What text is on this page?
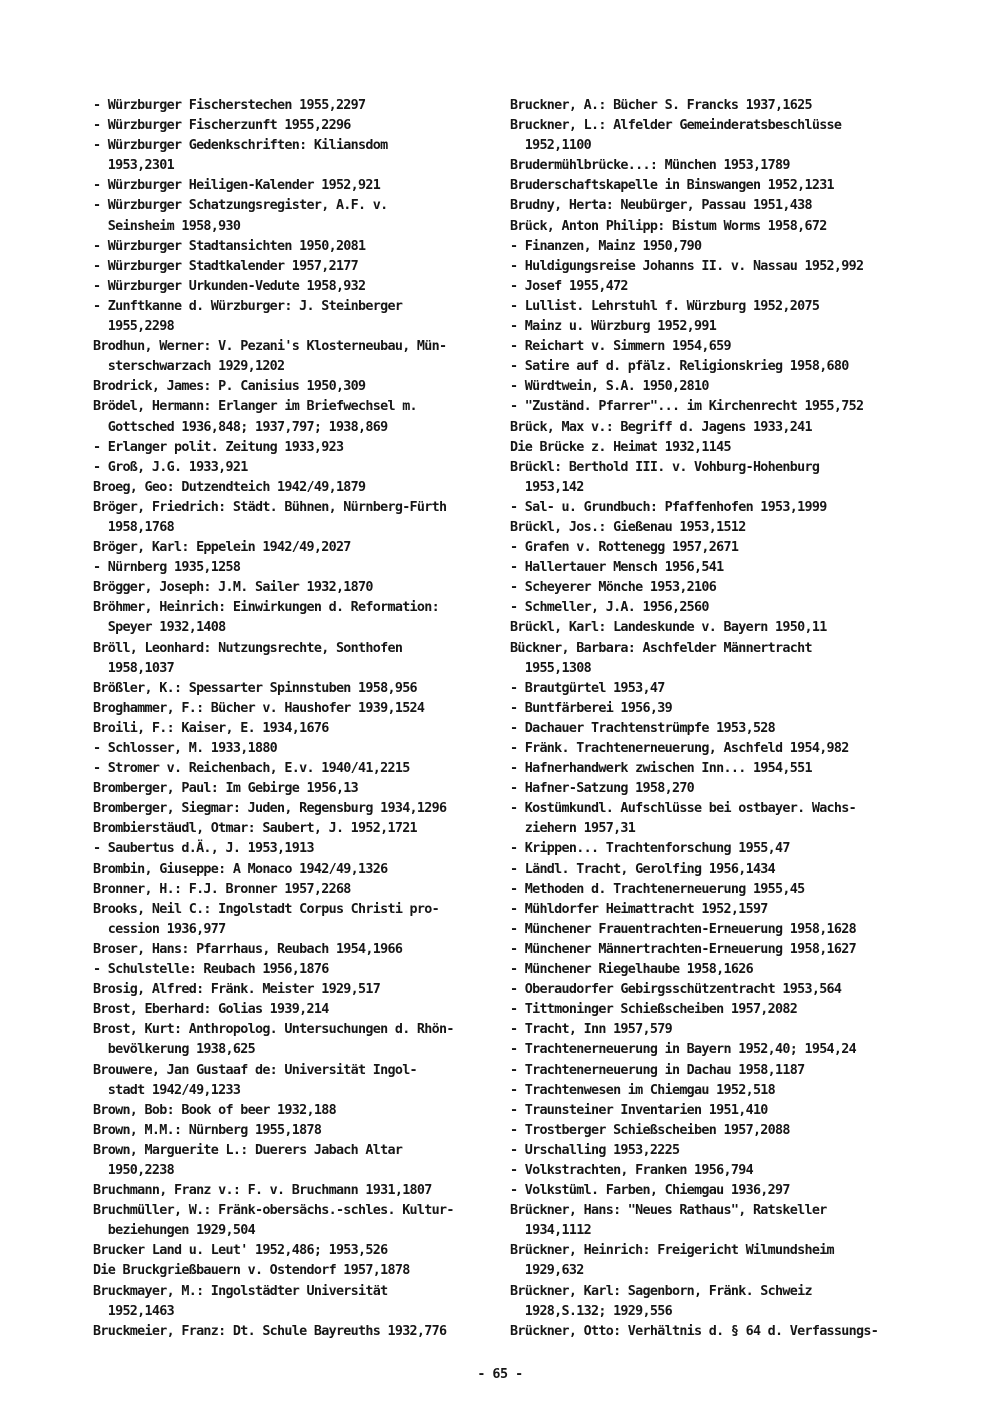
- Würzburger Fischerstechen 1955,2297
- Würzburger Fischerzunft 1955,2296
- Würzburger Gedenkschriften: Kiliansdom
1953,2301
- Würzburger Heiligen-Kalender 1952,921
- Würzburger Schatzungsregister, A.F. v.
Seinsheim 1958,930
- Würzburger Stadtansichten 1950,2081
- Würzburger Stadtkalender 1957,2177
- Würzburger Urkunden-Vedute 1958,932
- Zunftkanne d. Würzburger: J. Steinberger
1955,2298
Brodhun, Werner: V. Pezani's Klosterneubau, Mün-
sterschwarzach 1929,1202
Brodrick, James: P. Canisius 1950,309
Brödel, Hermann: Erlanger im Briefwechsel m.
Gottsched 1936,848; 1937,797; 1938,869
- Erlanger polit. Zeitung 1933,923
- Groß, J.G. 1933,921
Broeg, Geo: Dutzendteich 1942/49,1879
Bröger, Friedrich: Städt. Bühnen, Nürnberg-Fürth
1958,1768
Bröger, Karl: Eppelein 1942/49,2027
- Nürnberg 1935,1258
Brögger, Joseph: J.M. Sailer 1932,1870
Bröhmer, Heinrich: Einwirkungen d. Reformation:
Speyer 1932,1408
Bröll, Leonhard: Nutzungsrechte, Sonthofen
1958,1037
Brößler, K.: Spessarter Spinnstuben 1958,956
Broghammer, F.: Bücher v. Haushofer 1939,1524
Broili, F.: Kaiser, E. 1934,1676
- Schlosser, M. 1933,1880
- Stromer v. Reichenbach, E.v. 1940/41,2215
Bromberger, Paul: Im Gebirge 1956,13
Bromberger, Siegmar: Juden, Regensburg 1934,1296
Brombierstäudl, Otmar: Saubert, J. 1952,1721
- Saubertus d.Ä., J. 1953,1913
Brombin, Giuseppe: A Monaco 1942/49,1326
Bronner, H.: F.J. Bronner 1957,2268
Brooks, Neil C.: Ingolstadt Corpus Christi pro-
cession 1936,977
Broser, Hans: Pfarrhaus, Reubach 1954,1966
- Schulstelle: Reubach 1956,1876
Brosig, Alfred: Fränk. Meister 1929,517
Brost, Eberhard: Golias 1939,214
Brost, Kurt: Anthropolog. Untersuchungen d. Rhön-
bevölkerung 1938,625
Brouwere, Jan Gustaaf de: Universität Ingol-
stadt 1942/49,1233
Brown, Bob: Book of beer 1932,188
Brown, M.M.: Nürnberg 1955,1878
Brown, Marguerite L.: Duerers Jabach Altar
1950,2238
Bruchmann, Franz v.: F. v. Bruchmann 1931,1807
Bruchmüller, W.: Fränk-obersächs.-schles. Kultur-
beziehungen 1929,504
Brucker Land u. Leut' 1952,486; 1953,526
Die Bruckgrießbauern v. Ostendorf 1957,1878
Bruckmayer, M.: Ingolstädter Universität
1952,1463
Bruckmeier, Franz: Dt. Schule Bayreuths 1932,776
Bruckner, A.: Bücher S. Francks 1937,1625
Bruckner, L.: Alfelder Gemeinderatsbeschlüsse
1952,1100
Brudermühlbrücke...: München 1953,1789
Bruderschaftskapelle in Binswangen 1952,1231
Brudny, Herta: Neubürger, Passau 1951,438
Brück, Anton Philipp: Bistum Worms 1958,672
- Finanzen, Mainz 1950,790
- Huldigungsreise Johanns II. v. Nassau 1952,992
- Josef 1955,472
- Lullist. Lehrstuhl f. Würzburg 1952,2075
- Mainz u. Würzburg 1952,991
- Reichart v. Simmern 1954,659
- Satire auf d. pfälz. Religionskrieg 1958,680
- Würdtwein, S.A. 1950,2810
- "Zuständ. Pfarrer"... im Kirchenrecht 1955,752
Brück, Max v.: Begriff d. Jagens 1933,241
Die Brücke z. Heimat 1932,1145
Brückl: Berthold III. v. Vohburg-Hohenburg
1953,142
- Sal- u. Grundbuch: Pfaffenhofen 1953,1999
Brückl, Jos.: Gießenau 1953,1512
- Grafen v. Rottenegg 1957,2671
- Hallertauer Mensch 1956,541
- Scheyerer Mönche 1953,2106
- Schmeller, J.A. 1956,2560
Brückl, Karl: Landeskunde v. Bayern 1950,11
Bückner, Barbara: Aschfelder Männertracht
1955,1308
- Brautgürtel 1953,47
- Buntfärberei 1956,39
- Dachauer Trachtenstrümpfe 1953,528
- Fränk. Trachtenerneuerung, Aschfeld 1954,982
- Hafnerhandwerk zwischen Inn... 1954,551
- Hafner-Satzung 1958,270
- Kostümkundl. Aufschlüsse bei ostbayer. Wachs-
ziehern 1957,31
- Krippen... Trachtenforschung 1955,47
- Ländl. Tracht, Gerolfing 1956,1434
- Methoden d. Trachtenerneuerung 1955,45
- Mühldorfer Heimattracht 1952,1597
- Münchener Frauentrachten-Erneuerung 1958,1628
- Münchener Männertrachten-Erneuerung 1958,1627
- Münchener Riegelhaube 1958,1626
- Oberaudorfer Gebirgsschützentracht 1953,564
- Tittmoninger Schießscheiben 1957,2082
- Tracht, Inn 1957,579
- Trachtenerneuerung in Bayern 1952,40; 1954,24
- Trachtenerneuerung in Dachau 1958,1187
- Trachtenwesen im Chiemgau 1952,518
- Traunsteiner Inventarien 1951,410
- Trostberger Schießscheiben 1957,2088
- Urschalling 1953,2225
- Volkstrachten, Franken 1956,794
- Volkstüml. Farben, Chiemgau 1936,297
Brückner, Hans: "Neues Rathaus", Ratskeller
1934,1112
Brückner, Heinrich: Freigericht Wilmundsheim
1929,632
Brückner, Karl: Sagenborn, Fränk. Schweiz
1928,S.132; 1929,556
Brückner, Otto: Verhältnis d. § 64 d. Verfassungs-
- 65 -
